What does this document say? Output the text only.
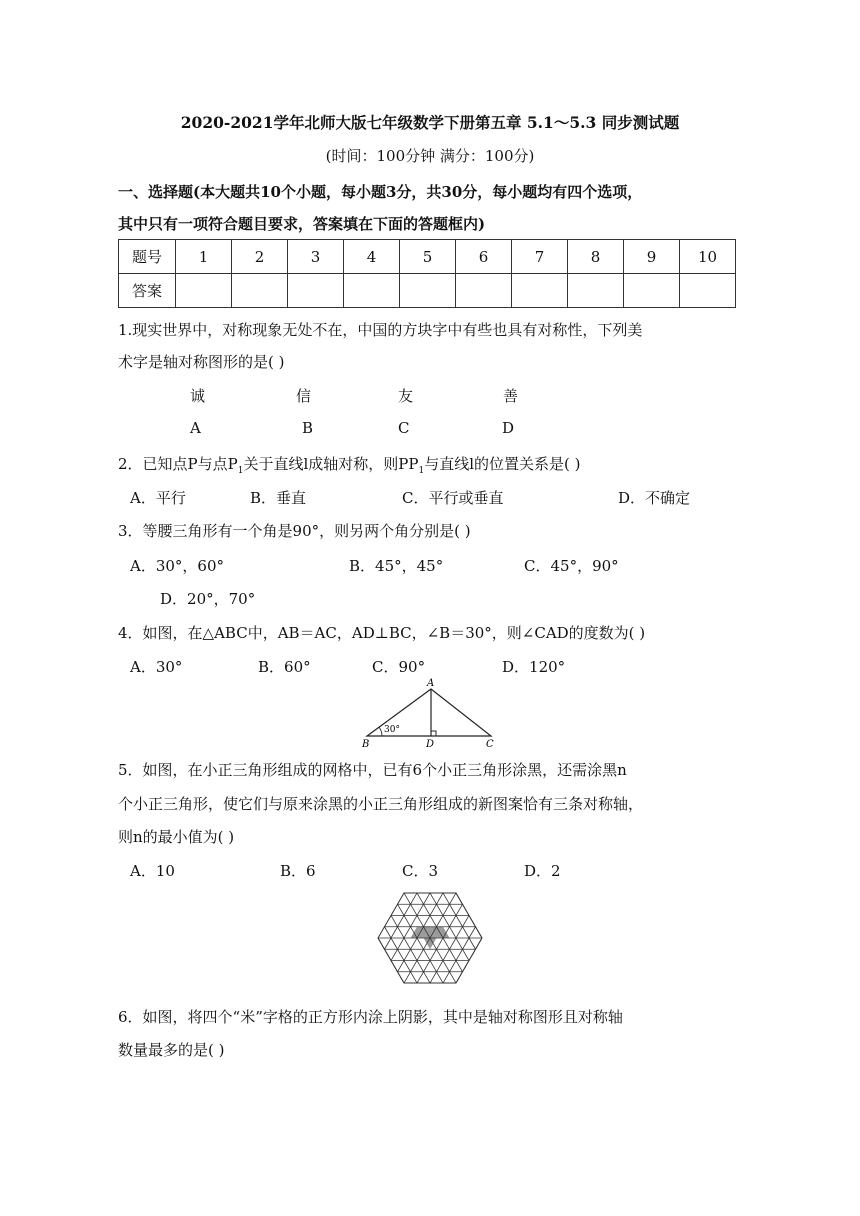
2020-2021学年北师大版七年级数学下册第五章 5.1～5.3 同步测试题
(时间：100分钟 满分：100分)
一、选择题(本大题共10个小题，每小题3分，共30分，每小题均有四个选项，
其中只有一项符合题目要求，答案填在下面的答题框内)
题号	1	2	3	4	5	6	7	8	9	10
答案										
1.现实世界中，对称现象无处不在，中国的方块字中有些也具有对称性，下列美
术字是轴对称图形的是( )
诚	信	友	善
A	B	C	D
2．已知点P与点$P_1$关于直线l成轴对称，则$PP_1$与直线l的位置关系是( )
A．平行	B．垂直	C．平行或垂直	D．不确定
3．等腰三角形有一个角是90°，则另两个角分别是( )
A．30°，60°	B．45°，45°	C．45°，90°
D．20°，70°
4．如图，在△ABC中，AB＝AC，AD⊥BC，∠B＝30°，则∠CAD的度数为( )
A．30°	B．60°	C．90°	D．120°
A
B	D	C
30°
5．如图，在小正三角形组成的网格中，已有6个小正三角形涂黑，还需涂黑n
个小正三角形，使它们与原来涂黑的小正三角形组成的新图案恰有三条对称轴，
则n的最小值为( )
A．10	B．6	C．3	D．2
6．如图，将四个“米”字格的正方形内涂上阴影，其中是轴对称图形且对称轴
数量最多的是( )
